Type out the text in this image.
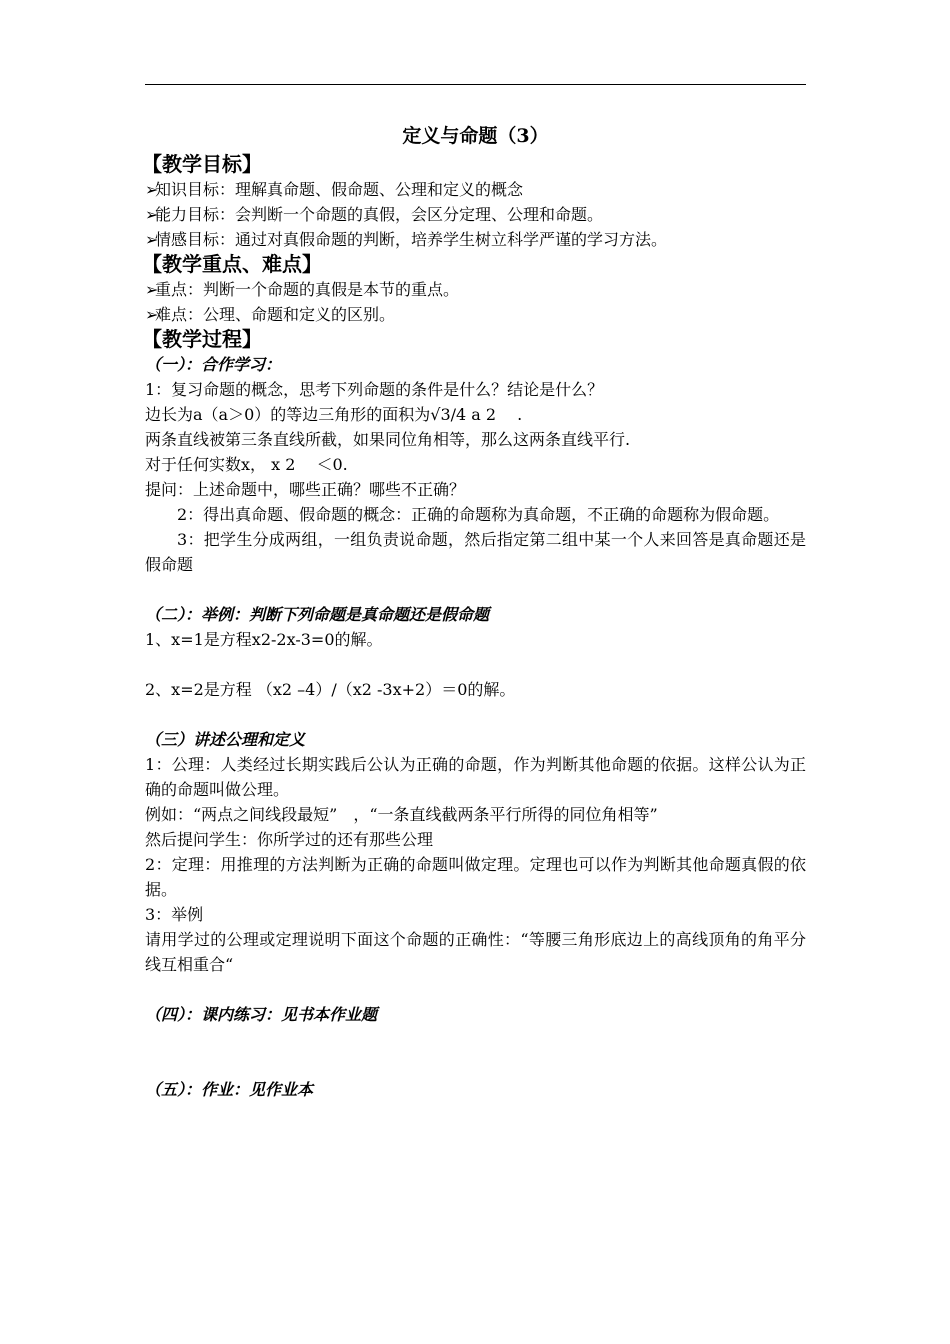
定义与命题（3）
【教学目标】
➢知识目标：理解真命题、假命题、公理和定义的概念
➢能力目标：会判断一个命题的真假，会区分定理、公理和命题。
➢情感目标：通过对真假命题的判断，培养学生树立科学严谨的学习方法。
【教学重点、难点】
➢重点：判断一个命题的真假是本节的重点。
➢难点：公理、命题和定义的区别。
【教学过程】
（一）：合作学习：
1：复习命题的概念，思考下列命题的条件是什么？结论是什么？
边长为a（a＞0）的等边三角形的面积为√3/4 a 2 　.
两条直线被第三条直线所截，如果同位角相等，那么这两条直线平行.
对于任何实数x， x 2 　＜0.
提问：上述命题中，哪些正确？哪些不正确？
2：得出真命题、假命题的概念：正确的命题称为真命题，不正确的命题称为假命题。
3：把学生分成两组，一组负责说命题，然后指定第二组中某一个人来回答是真命题还是假命题
（二）：举例：判断下列命题是真命题还是假命题
1、x=1是方程x2-2x-3=0的解。
2、x=2是方程 （x2 –4）/（x2 -3x+2）＝0的解。
（三）讲述公理和定义
1：公理：人类经过长期实践后公认为正确的命题，作为判断其他命题的依据。这样公认为正确的命题叫做公理。
例如：“两点之间线段最短”　，“一条直线截两条平行所得的同位角相等”
然后提问学生：你所学过的还有那些公理
2：定理：用推理的方法判断为正确的命题叫做定理。定理也可以作为判断其他命题真假的依据。
3：举例
请用学过的公理或定理说明下面这个命题的正确性：“等腰三角形底边上的高线顶角的角平分线互相重合“
（四）：课内练习：见书本作业题
（五）：作业：见作业本
